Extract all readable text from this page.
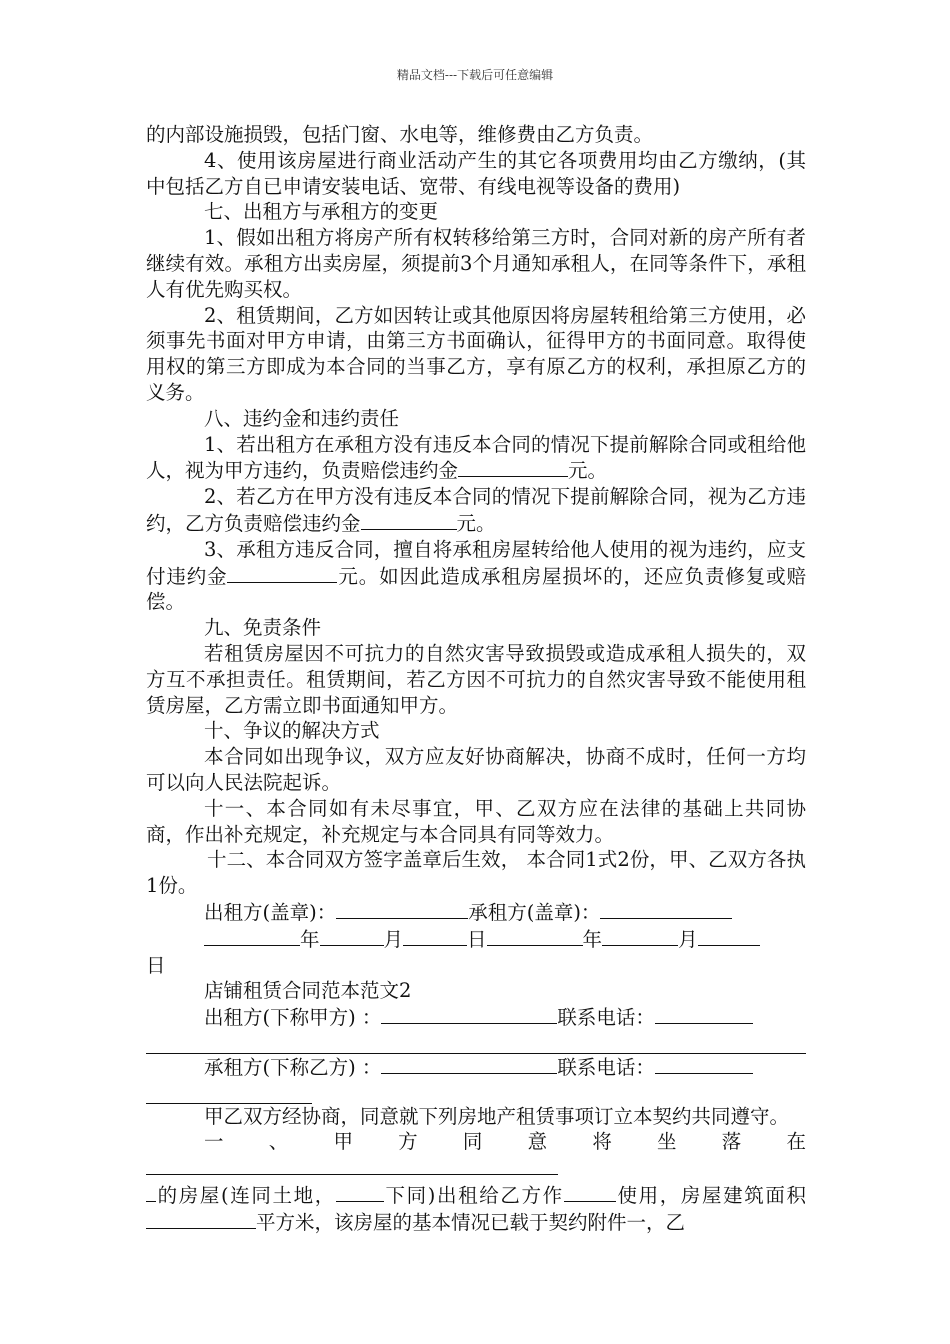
精品文档---下载后可任意编辑

的内部设施损毁，包括门窗、水电等，维修费由乙方负责。

4、使用该房屋进行商业活动产生的其它各项费用均由乙方缴纳，(其中包括乙方自已申请安装电话、宽带、有线电视等设备的费用)

七、出租方与承租方的变更

1、假如出租方将房产所有权转移给第三方时，合同对新的房产所有者继续有效。承租方出卖房屋，须提前3个月通知承租人，在同等条件下，承租人有优先购买权。

2、租赁期间，乙方如因转让或其他原因将房屋转租给第三方使用，必须事先书面对甲方申请，由第三方书面确认，征得甲方的书面同意。取得使用权的第三方即成为本合同的当事乙方，享有原乙方的权利，承担原乙方的义务。

八、违约金和违约责任

1、若出租方在承租方没有违反本合同的情况下提前解除合同或租给他人，视为甲方违约，负责赔偿违约金	元。

2、若乙方在甲方没有违反本合同的情况下提前解除合同，视为乙方违约，乙方负责赔偿违约金	元。

3、承租方违反合同，擅自将承租房屋转给他人使用的视为违约，应支付违约金	元。如因此造成承租房屋损坏的，还应负责修复或赔偿。

九、免责条件

若租赁房屋因不可抗力的自然灾害导致损毁或造成承租人损失的，双方互不承担责任。租赁期间，若乙方因不可抗力的自然灾害导致不能使用租赁房屋，乙方需立即书面通知甲方。

十、争议的解决方式

本合同如出现争议，双方应友好协商解决，协商不成时，任何一方均可以向人民法院起诉。

十一、本合同如有未尽事宜，甲、乙双方应在法律的基础上共同协商，作出补充规定，补充规定与本合同具有同等效力。

十二、本合同双方签字盖章后生效， 本合同1式2份，甲、乙双方各执1份。

出租方(盖章)：	承租方(盖章)：

年	月	日	年	月

日

店铺租赁合同范本范文2

出租方(下称甲方) ：	联系电话：

承租方(下称乙方) ：	联系电话：

甲乙双方经协商，同意就下列房地产租赁事项订立本契约共同遵守。

一、甲方同意将坐落在

的房屋(连同土地， 下同)出租给乙方作	使用，房屋建筑面积平方米，该房屋的基本情况已载于契约附件一，乙
